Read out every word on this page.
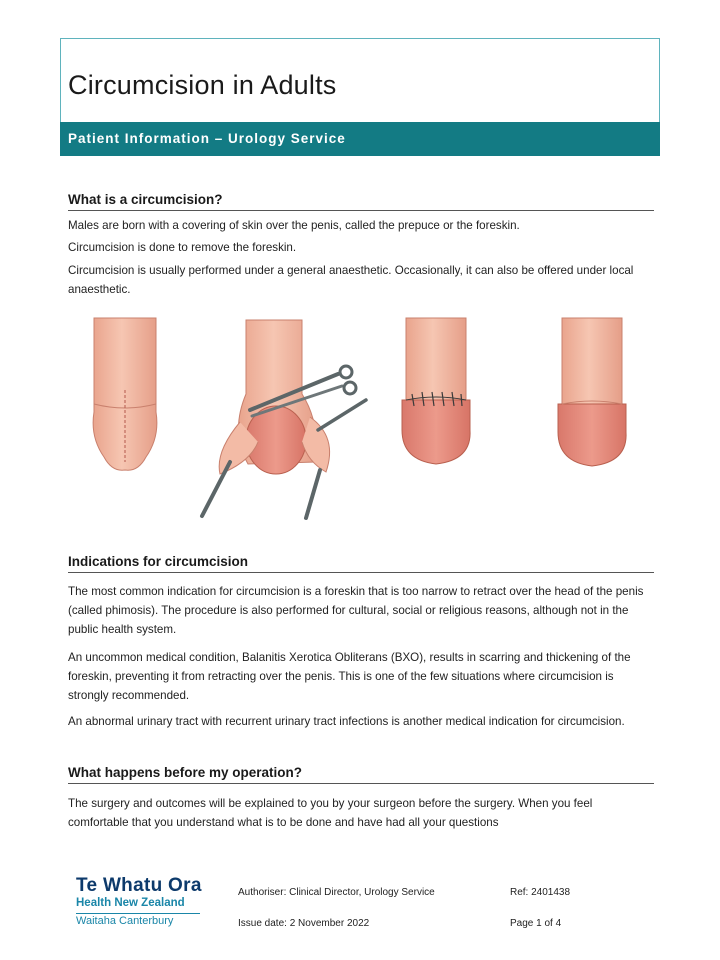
Circumcision in Adults
Patient Information – Urology Service
What is a circumcision?

Males are born with a covering of skin over the penis, called the prepuce or the foreskin.

Circumcision is done to remove the foreskin.

Circumcision is usually performed under a general anaesthetic. Occasionally, it can also be offered under local anaesthetic.

Indications for circumcision

The most common indication for circumcision is a foreskin that is too narrow to retract over the head of the penis (called phimosis). The procedure is also performed for cultural, social or religious reasons, although not in the public health system.

An uncommon medical condition, Balanitis Xerotica Obliterans (BXO), results in scarring and thickening of the foreskin, preventing it from retracting over the penis. This is one of the few situations where circumcision is strongly recommended.

An abnormal urinary tract with recurrent urinary tract infections is another medical indication for circumcision.

What happens before my operation?

The surgery and outcomes will be explained to you by your surgeon before the surgery. When you feel comfortable that you understand what is to be done and have had all your questions

Te Whatu Ora
Health New Zealand
Waitaha Canterbury
Authoriser: Clinical Director, Urology Service
Issue date: 2 November 2022
Ref: 2401438
Page 1 of 4
